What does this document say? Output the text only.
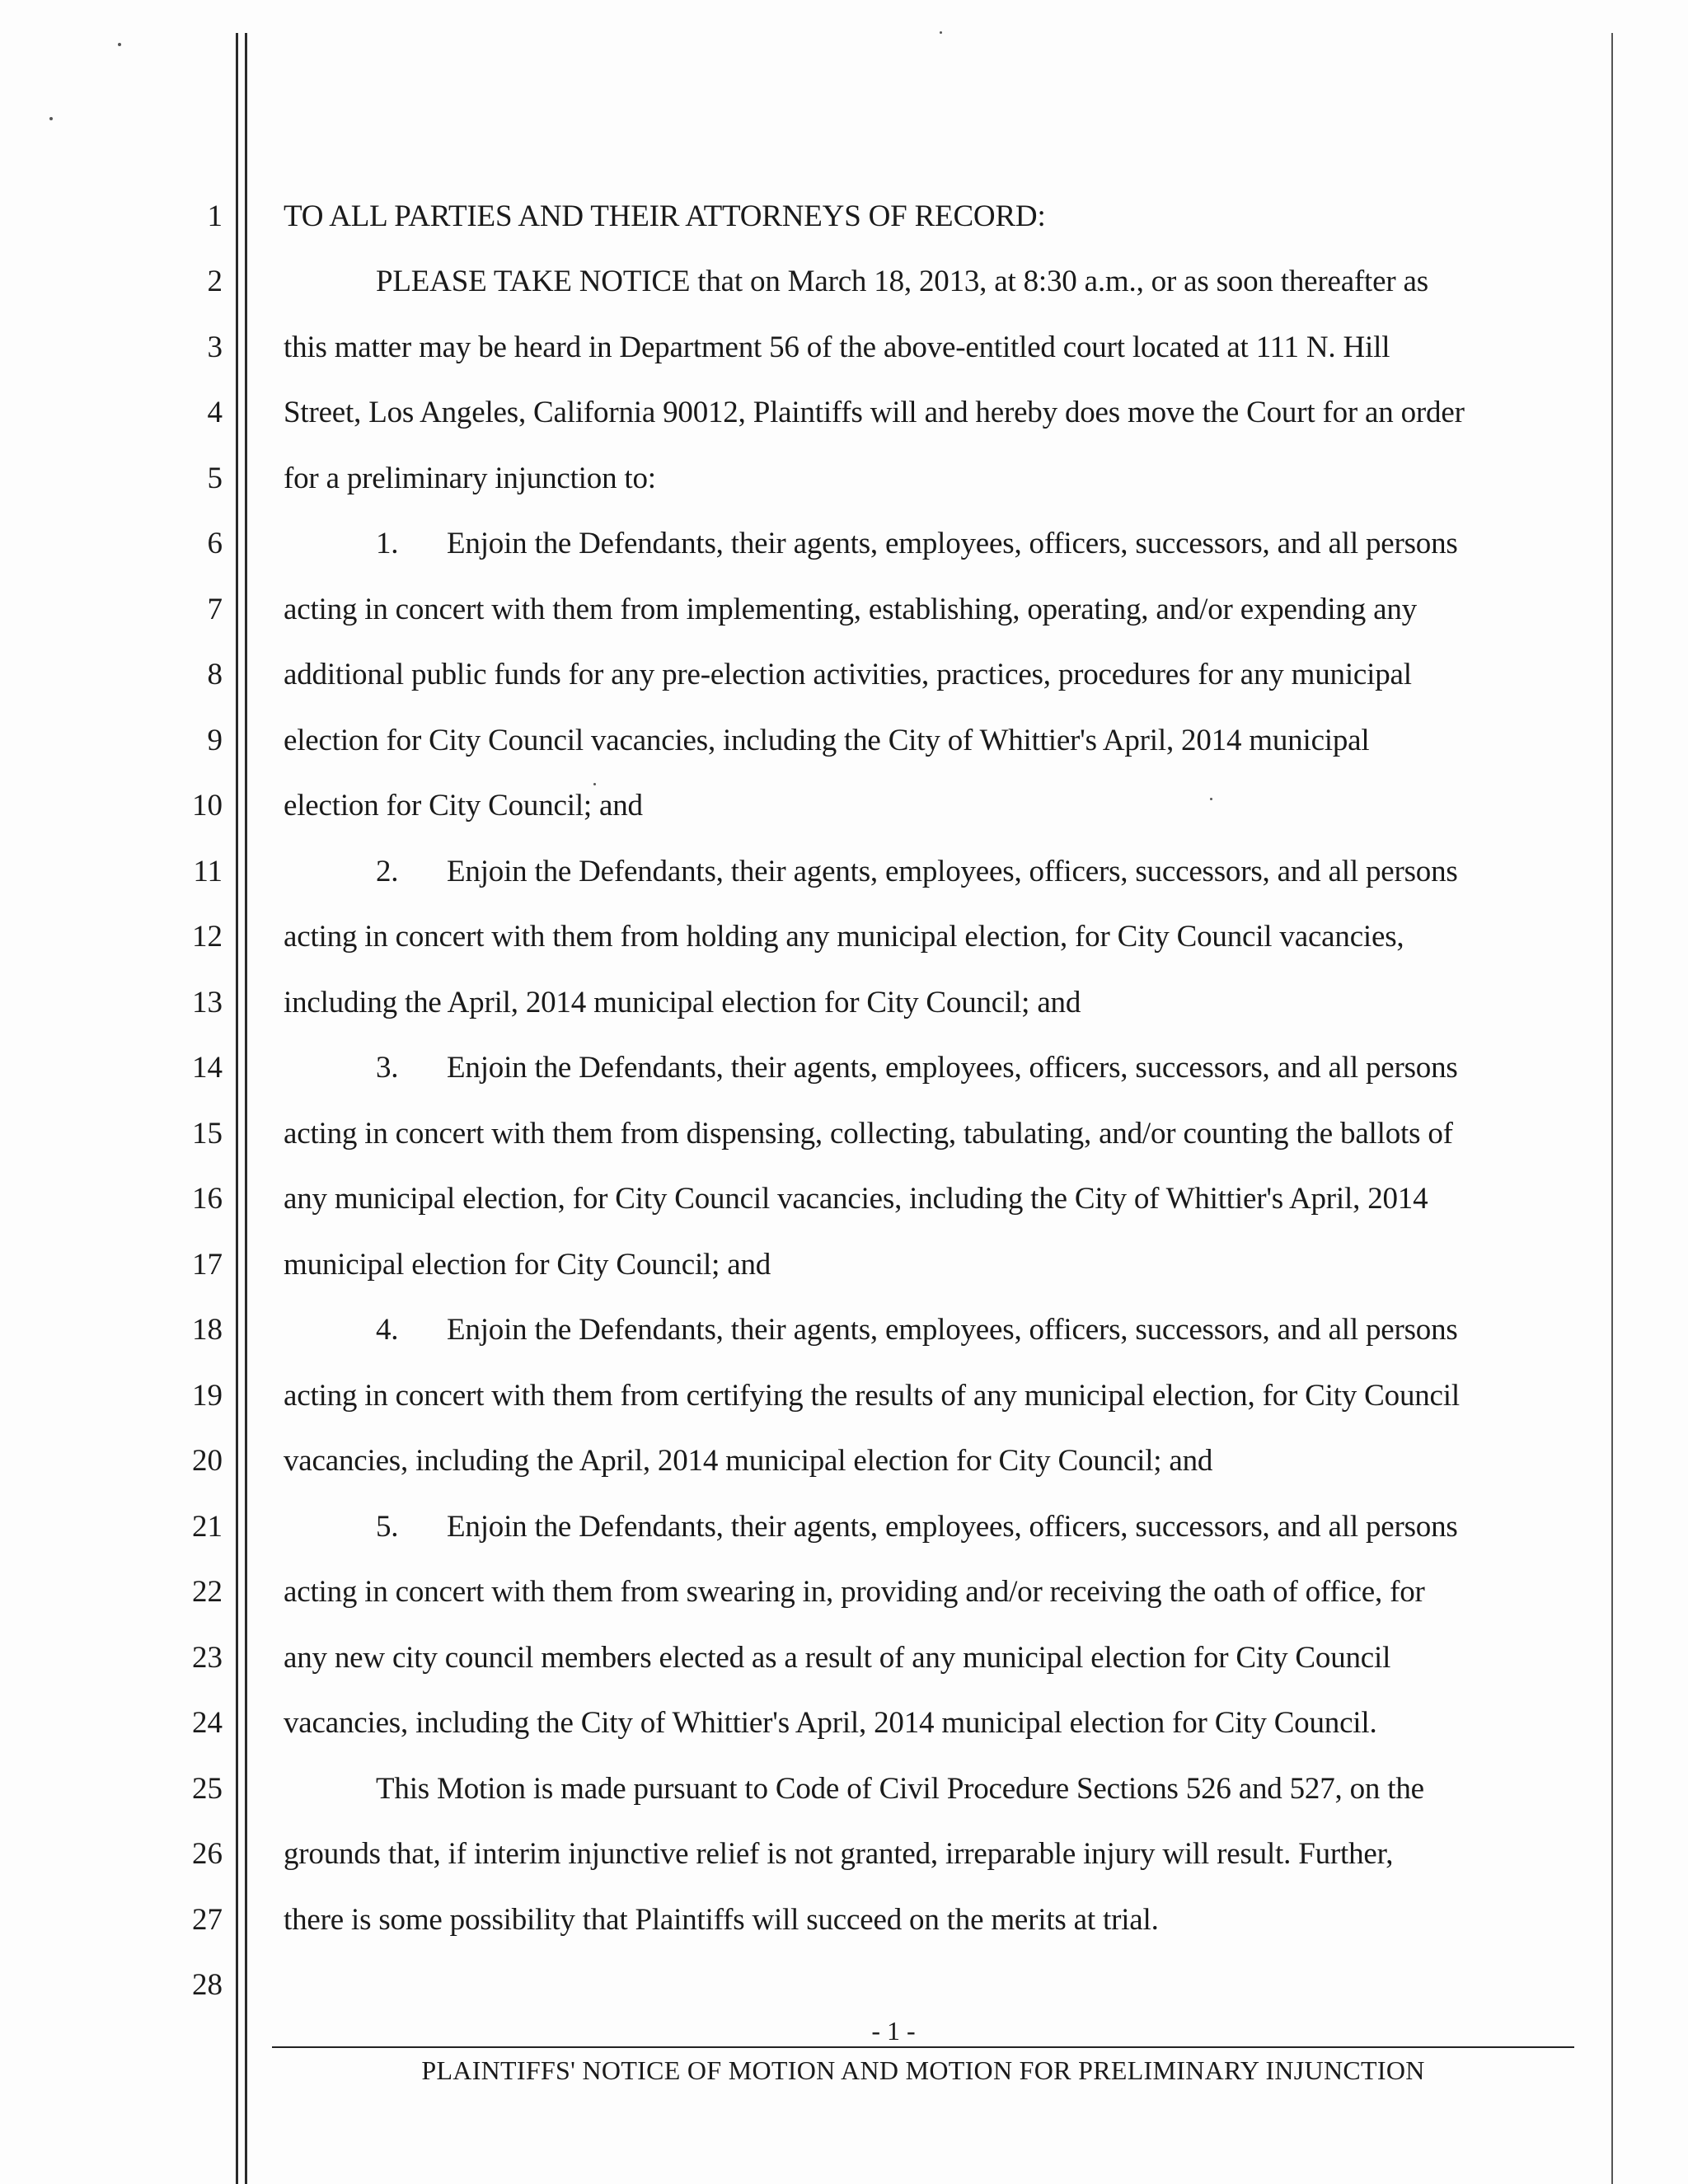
1
2
3
4
5
6
7
8
9
10
11
12
13
14
15
16
17
18
19
20
21
22
23
24
25
26
27
28
TO ALL PARTIES AND THEIR ATTORNEYS OF RECORD:
PLEASE TAKE NOTICE that on March 18, 2013, at 8:30 a.m., or as soon thereafter as
this matter may be heard in Department 56 of the above-entitled court located at 111 N. Hill
Street, Los Angeles, California 90012, Plaintiffs will and hereby does move the Court for an order
for a preliminary injunction to:
1. Enjoin the Defendants, their agents, employees, officers, successors, and all persons
acting in concert with them from implementing, establishing, operating, and/or expending any
additional public funds for any pre-election activities, practices, procedures for any municipal
election for City Council vacancies, including the City of Whittier's April, 2014 municipal
election for City Council; and
2. Enjoin the Defendants, their agents, employees, officers, successors, and all persons
acting in concert with them from holding any municipal election, for City Council vacancies,
including the April, 2014 municipal election for City Council; and
3. Enjoin the Defendants, their agents, employees, officers, successors, and all persons
acting in concert with them from dispensing, collecting, tabulating, and/or counting the ballots of
any municipal election, for City Council vacancies, including the City of Whittier's April, 2014
municipal election for City Council; and
4. Enjoin the Defendants, their agents, employees, officers, successors, and all persons
acting in concert with them from certifying the results of any municipal election, for City Council
vacancies, including the April, 2014 municipal election for City Council; and
5. Enjoin the Defendants, their agents, employees, officers, successors, and all persons
acting in concert with them from swearing in, providing and/or receiving the oath of office, for
any new city council members elected as a result of any municipal election for City Council
vacancies, including the City of Whittier's April, 2014 municipal election for City Council.
This Motion is made pursuant to Code of Civil Procedure Sections 526 and 527, on the
grounds that, if interim injunctive relief is not granted, irreparable injury will result. Further,
there is some possibility that Plaintiffs will succeed on the merits at trial.
- 1 -
PLAINTIFFS' NOTICE OF MOTION AND MOTION FOR PRELIMINARY INJUNCTION
